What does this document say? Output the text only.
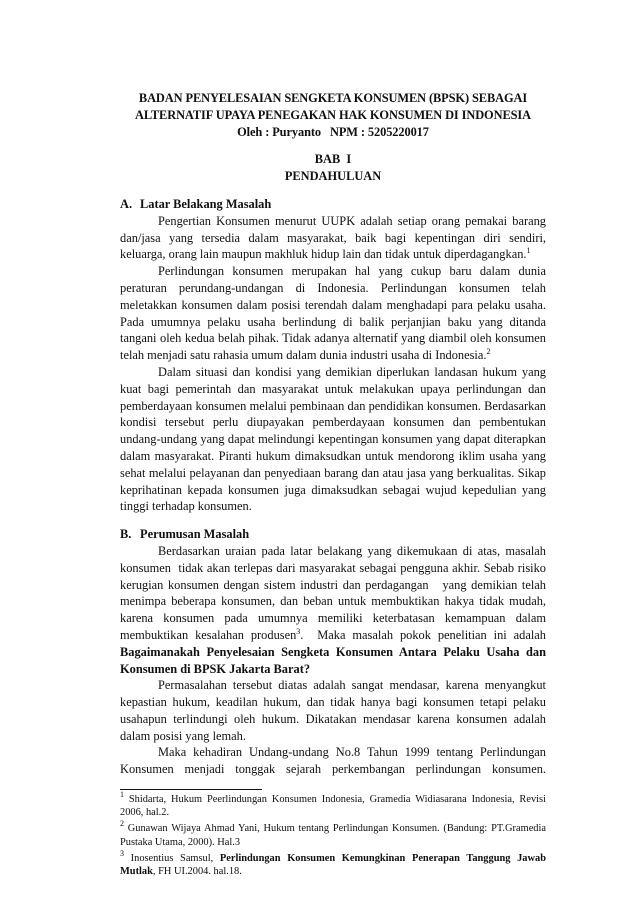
BADAN PENYELESAIAN SENGKETA KONSUMEN (BPSK) SEBAGAI
ALTERNATIF UPAYA PENEGAKAN HAK KONSUMEN DI INDONESIA
Oleh : Puryanto   NPM : 5205220017
BAB  I
PENDAHULUAN
A. Latar Belakang Masalah

Pengertian Konsumen menurut UUPK adalah setiap orang pemakai barang dan/jasa yang tersedia dalam masyarakat, baik bagi kepentingan diri sendiri, keluarga, orang lain maupun makhluk hidup lain dan tidak untuk diperdagangkan.$^1$

Perlindungan konsumen merupakan hal yang cukup baru dalam dunia peraturan perundang-undangan di Indonesia. Perlindungan konsumen telah meletakkan konsumen dalam posisi terendah dalam menghadapi para pelaku usaha. Pada umumnya pelaku usaha berlindung di balik perjanjian baku yang ditanda tangani oleh kedua belah pihak. Tidak adanya alternatif yang diambil oleh konsumen telah menjadi satu rahasia umum dalam dunia industri usaha di Indonesia.$^2$

Dalam situasi dan kondisi yang demikian diperlukan landasan hukum yang kuat bagi pemerintah dan masyarakat untuk melakukan upaya perlindungan dan pemberdayaan konsumen melalui pembinaan dan pendidikan konsumen. Berdasarkan kondisi tersebut perlu diupayakan pemberdayaan konsumen dan pembentukan undang-undang yang dapat melindungi kepentingan konsumen yang dapat diterapkan dalam masyarakat. Piranti hukum dimaksudkan untuk mendorong iklim usaha yang sehat melalui pelayanan dan penyediaan barang dan atau jasa yang berkualitas. Sikap keprihatinan kepada konsumen juga dimaksudkan sebagai wujud kepedulian yang tinggi terhadap konsumen.

B. Perumusan Masalah

Berdasarkan uraian pada latar belakang yang dikemukaan di atas, masalah konsumen  tidak akan terlepas dari masyarakat sebagai pengguna akhir. Sebab risiko kerugian konsumen dengan sistem industri dan perdagangan   yang demikian telah menimpa beberapa konsumen, dan beban untuk membuktikan hakya tidak mudah, karena konsumen pada umumnya memiliki keterbatasan kemampuan dalam membuktikan kesalahan produsen$^3$.  Maka masalah pokok penelitian ini adalah Bagaimanakah Penyelesaian Sengketa Konsumen Antara Pelaku Usaha dan Konsumen di BPSK Jakarta Barat?

Permasalahan tersebut diatas adalah sangat mendasar, karena menyangkut kepastian hukum, keadilan hukum, dan tidak hanya bagi konsumen tetapi pelaku usahapun terlindungi oleh hukum. Dikatakan mendasar karena konsumen adalah dalam posisi yang lemah.

Maka kehadiran Undang-undang No.8 Tahun 1999 tentang Perlindungan Konsumen menjadi tonggak sejarah perkembangan perlindungan konsumen.

$^1$ Shidarta, Hukum Peerlindungan Konsumen Indonesia, Gramedia Widiasarana Indonesia, Revisi 2006, hal.2.

$^2$ Gunawan Wijaya Ahmad Yani, Hukum tentang Perlindungan Konsumen. (Bandung: PT.Gramedia Pustaka Utama, 2000). Hal.3

$^3$ Inosentius Samsul, Perlindungan Konsumen Kemungkinan Penerapan Tanggung Jawab Mutlak, FH UI.2004. hal.18.
